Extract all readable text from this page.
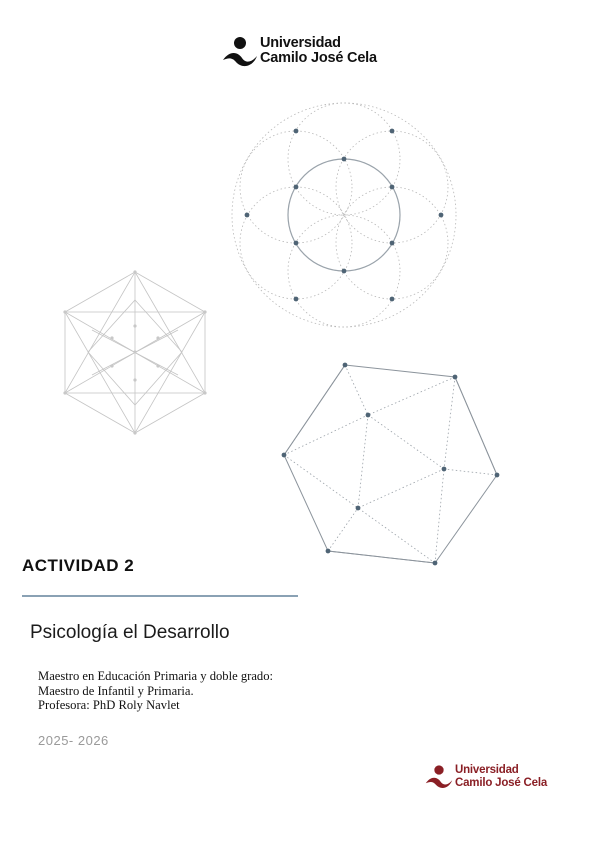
Universidad
Camilo José Cela
ACTIVIDAD 2
Psicología el Desarrollo
Maestro en Educación Primaria y doble grado:
Maestro de Infantil y Primaria.
Profesora: PhD Roly Navlet
2025- 2026
Universidad
Camilo José Cela
